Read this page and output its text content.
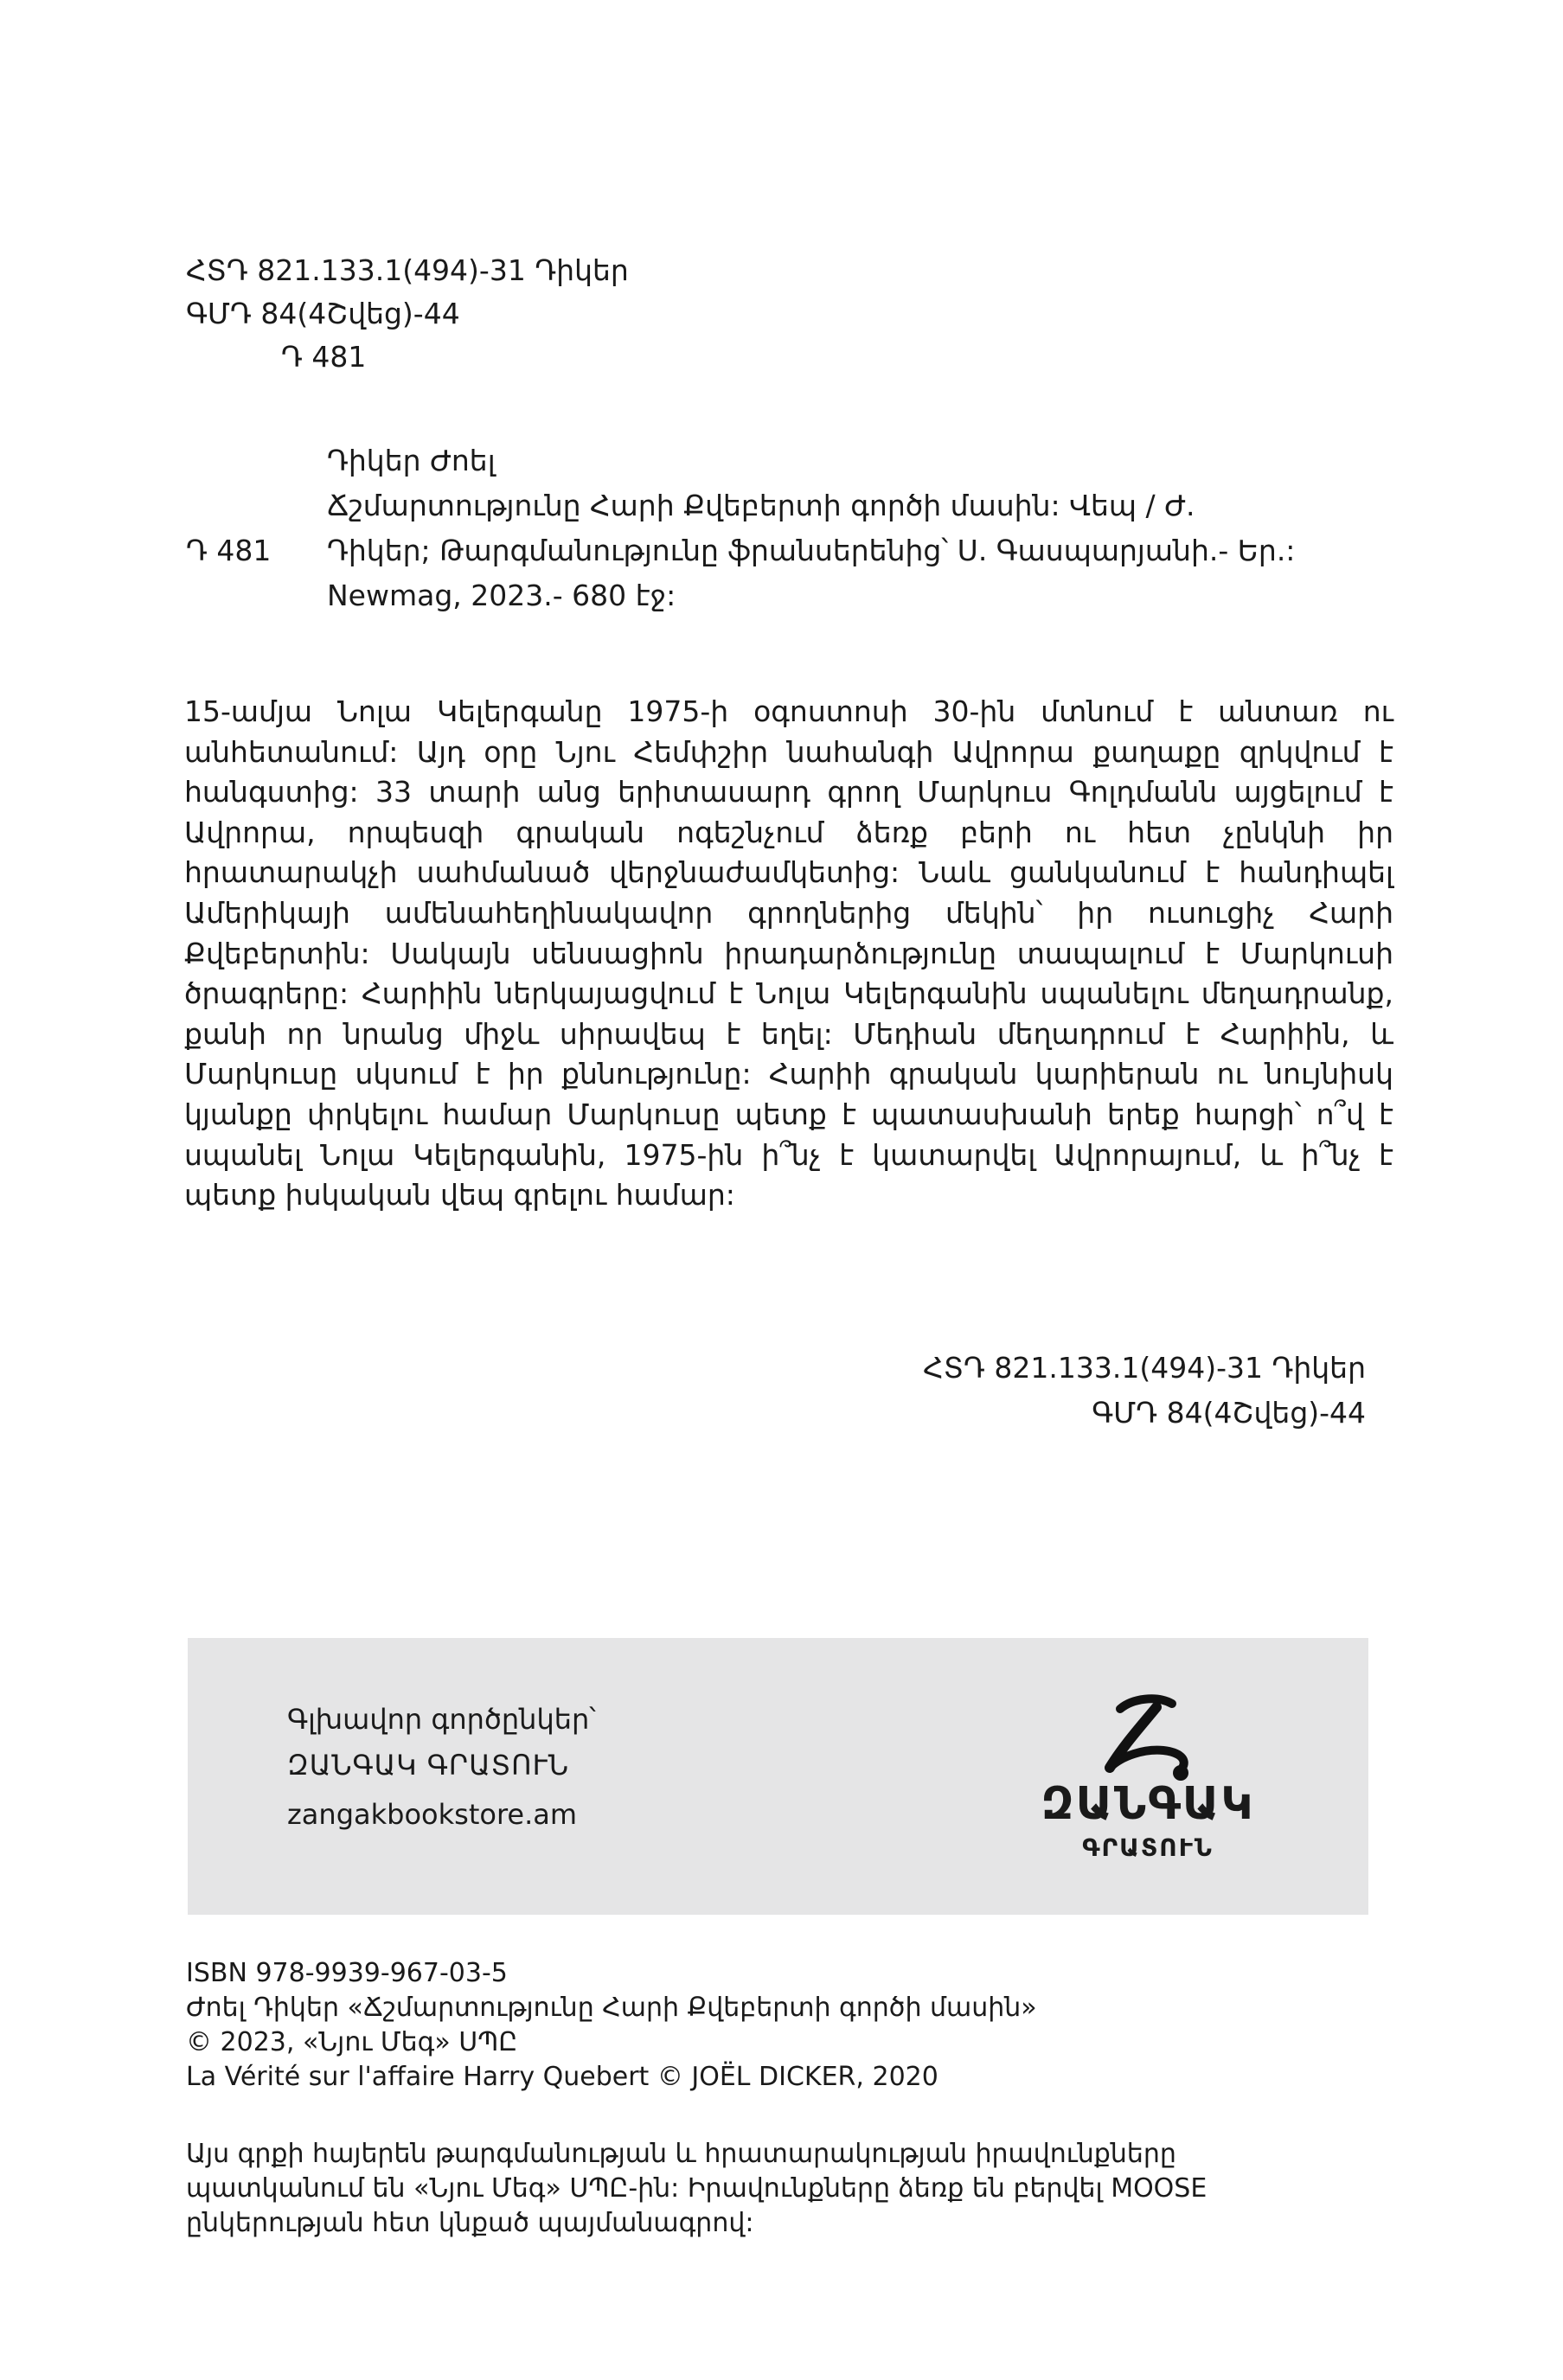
ՀՏԴ 821.133.1(494)-31 Դիկեր
ԳՄԴ 84(4Շվեց)-44
Դ 481
Դ 481
Դիկեր Ժոել
Ճշմարտությունը Հարի Քվեբերտի գործի մասին: Վեպ / Ժ.
Դիկեր; Թարգմանությունը ֆրանսերենից՝ Ս. Գասպարյանի.- Եր.:
Newmag, 2023.- 680 էջ:

15-ամյա Նոլա Կելերգանը 1975-ի օգոստոսի 30-ին մտնում է անտառ ու անհետանում: Այդ օրը Նյու Հեմփշիր նահանգի Ավրորա քաղաքը զրկվում է հանգստից: 33 տարի անց երիտասարդ գրող Մարկուս Գոլդմանն այցելում է Ավրորա, որպեսզի գրական ոգեշնչում ձեռք բերի ու հետ չընկնի իր հրատարակչի սահմանած վերջնաժամկետից: Նաև ցանկանում է հանդիպել Ամերիկայի ամենաhեղինակավոր գրողներից մեկին՝ իր ուսուցիչ Հարի Քվեբերտին: Սակայն սենսացիոն իրադարձությունը տապալում է Մարկուսի ծրագրերը: Հարիին ներկայացվում է Նոլա Կելերգանին սպանելու մեղադրանք, քանի որ նրանց միջև սիրավեպ է եղել: Մեդիան մեղադրում է Հարիին, և Մարկուսը սկսում է իր քննությունը: Հարիի գրական կարիերան ու նույնիսկ կյանքը փրկելու համար Մարկուսը պետք է պատասխանի երեք հարցի՝ ո՞վ է սպանել Նոլա Կելերգանին, 1975-ին ի՞նչ է կատարվել Ավրորայում, և ի՞նչ է պետք իսկական վեպ գրելու համար:

ՀՏԴ 821.133.1(494)-31 Դիկեր
ԳՄԴ 84(4Շվեց)-44
Գլխավոր գործընկեր՝
ԶԱՆԳԱԿ ԳՐԱՏՈՒՆ
zangakbookstore.am	ԶԱՆԳԱԿ
ԳՐԱՏՈՒՆ
ISBN 978-9939-967-03-5
Ժոել Դիկեր «Ճշմարտությունը Հարի Քվեբերտի գործի մասին»
© 2023, «Նյու Մեգ» ՍՊԸ
La Vérité sur l'affaire Harry Quebert © JOËL DICKER, 2020

Այս գրքի հայերեն թարգմանության և հրատարակության իրավունքները պատկանում են «Նյու Մեգ» ՍՊԸ-ին: Իրավունքները ձեռք են բերվել MOOSE ընկերության հետ կնքած պայմանագրով:
